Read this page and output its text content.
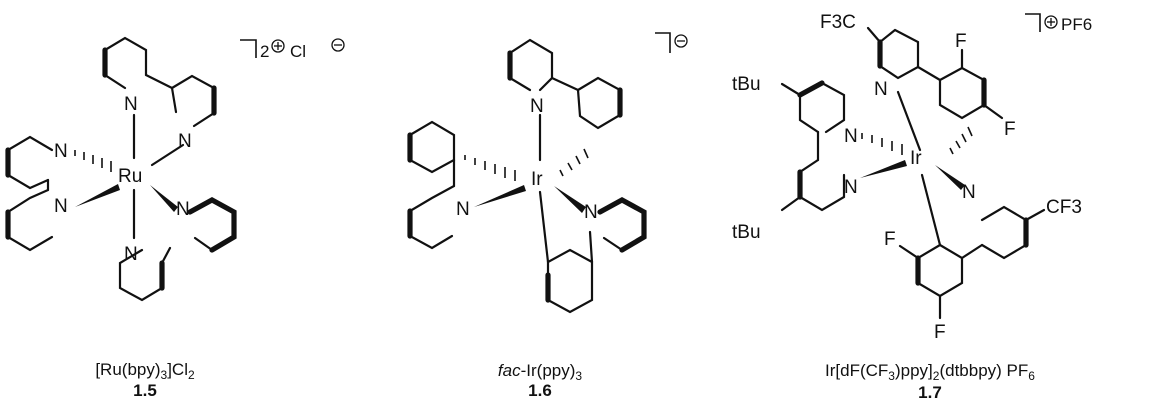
N
N
N
N	N
N
Ru
2 Cl
$[Ru(bpy)_3]Cl_2$
1.5
N
N	N
Ir
fac-$Ir(ppy)_3$
1.6
N
N
N	N
Ir
F
F
F
F
F3C
CF3
tBu
tBu
PF6
$Ir[dF(CF_3)ppy]_2(dtbbpy)$ $PF_6$
1.7
